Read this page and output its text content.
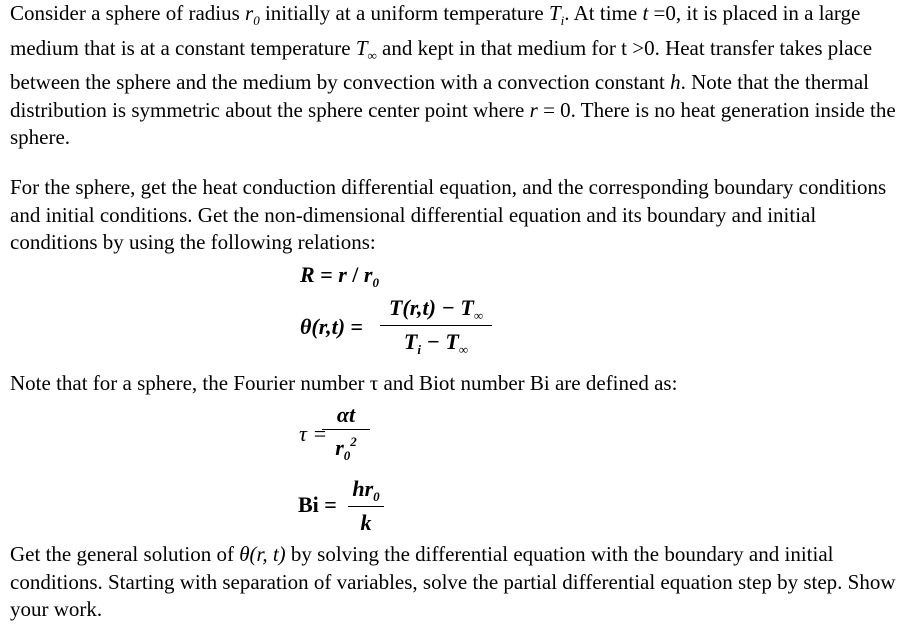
Consider a sphere of radius $r_0$ initially at a uniform temperature $T_i$. At time t =0, it is placed in a large medium that is at a constant temperature $T_\infty$ and kept in that medium for t >0. Heat transfer takes place between the sphere and the medium by convection with a convection constant h. Note that the thermal distribution is symmetric about the sphere center point where r = 0. There is no heat generation inside the sphere.

For the sphere, get the heat conduction differential equation, and the corresponding boundary conditions and initial conditions. Get the non-dimensional differential equation and its boundary and initial conditions by using the following relations:

$R = r / r_0$
θ(r,t) =
$T(r,t) - T_\infty$
$T_i - T_\infty$

Note that for a sphere, the Fourier number τ and Biot number Bi are defined as:

τ =
αt
$r_0^2$
Bi =
$hr_0$
k

Get the general solution of θ(r, t) by solving the differential equation with the boundary and initial conditions. Starting with separation of variables, solve the partial differential equation step by step. Show your work.
